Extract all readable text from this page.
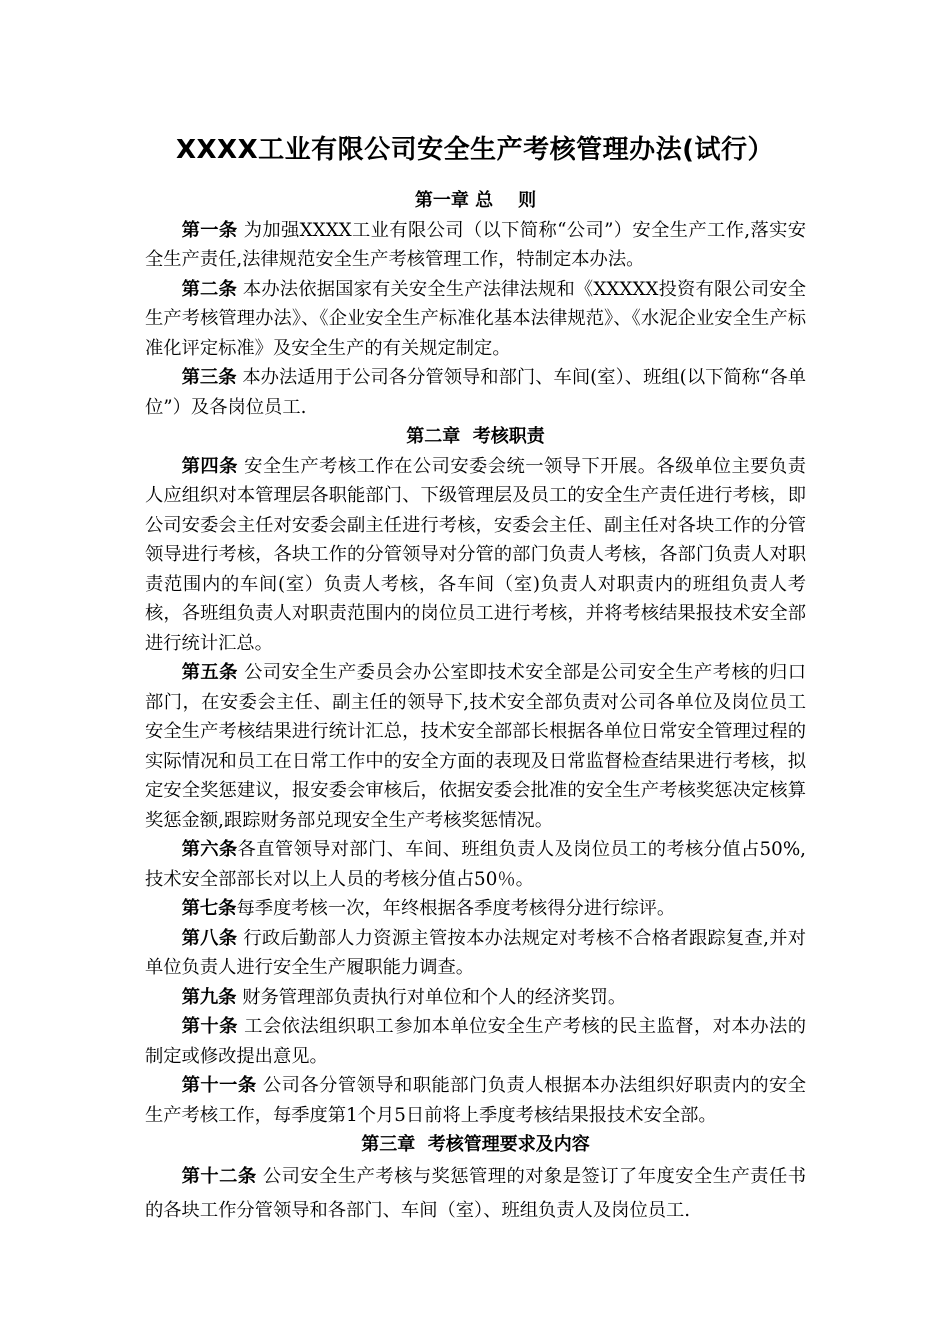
XXXX工业有限公司安全生产考核管理办法(试行）
第一章 总    则

第一条 为加强XXXX工业有限公司（以下简称“公司”）安全生产工作,落实安全生产责任,法律规范安全生产考核管理工作，特制定本办法。

第二条 本办法依据国家有关安全生产法律法规和《XXXXX投资有限公司安全生产考核管理办法》、《企业安全生产标准化基本法律规范》、《水泥企业安全生产标准化评定标准》及安全生产的有关规定制定。

第三条 本办法适用于公司各分管领导和部门、车间(室）、班组(以下简称“各单位”）及各岗位员工.

第二章  考核职责

第四条 安全生产考核工作在公司安委会统一领导下开展。各级单位主要负责人应组织对本管理层各职能部门、下级管理层及员工的安全生产责任进行考核，即公司安委会主任对安委会副主任进行考核，安委会主任、副主任对各块工作的分管领导进行考核，各块工作的分管领导对分管的部门负责人考核，各部门负责人对职责范围内的车间(室）负责人考核，各车间（室)负责人对职责内的班组负责人考核，各班组负责人对职责范围内的岗位员工进行考核，并将考核结果报技术安全部进行统计汇总。

第五条 公司安全生产委员会办公室即技术安全部是公司安全生产考核的归口部门，在安委会主任、副主任的领导下,技术安全部负责对公司各单位及岗位员工安全生产考核结果进行统计汇总，技术安全部部长根据各单位日常安全管理过程的实际情况和员工在日常工作中的安全方面的表现及日常监督检查结果进行考核，拟定安全奖惩建议，报安委会审核后，依据安委会批准的安全生产考核奖惩决定核算奖惩金额,跟踪财务部兑现安全生产考核奖惩情况。

第六条各直管领导对部门、车间、班组负责人及岗位员工的考核分值占50%,技术安全部部长对以上人员的考核分值占50％。

第七条每季度考核一次，年终根据各季度考核得分进行综评。

第八条 行政后勤部人力资源主管按本办法规定对考核不合格者跟踪复查,并对单位负责人进行安全生产履职能力调查。

第九条 财务管理部负责执行对单位和个人的经济奖罚。

第十条 工会依法组织职工参加本单位安全生产考核的民主监督，对本办法的制定或修改提出意见。

第十一条 公司各分管领导和职能部门负责人根据本办法组织好职责内的安全生产考核工作，每季度第1个月5日前将上季度考核结果报技术安全部。

第三章  考核管理要求及内容

第十二条 公司安全生产考核与奖惩管理的对象是签订了年度安全生产责任书的各块工作分管领导和各部门、车间（室）、班组负责人及岗位员工.
